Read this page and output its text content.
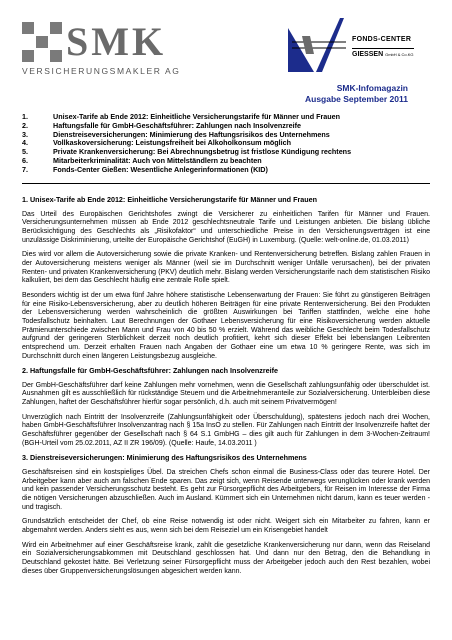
SMK
VERSICHERUNGSMAKLER AG
FONDS-CENTER
GIESSEN GmbH & Co.KG
SMK-Infomagazin
Ausgabe September 2011
1.	Unisex-Tarife ab Ende 2012: Einheitliche Versicherungstarife für Männer und Frauen
2.	Haftungsfalle für GmbH-Geschäftsführer: Zahlungen nach Insolvenzreife
3.	Dienstreiseversicherungen: Minimierung des Haftungsrisikos des Unternehmens
4.	Vollkaskoversicherung: Leistungsfreiheit bei Alkoholkonsum möglich
5.	Private Krankenversicherung: Bei Abrechnungsbetrug ist fristlose Kündigung rechtens
6.	Mitarbeiterkriminalität: Auch von Mittelständlern zu beachten
7.	Fonds-Center Gießen: Wesentliche Anlegerinformationen (KID)

1. Unisex-Tarife ab Ende 2012: Einheitliche Versicherungstarife für Männer und Frauen

Das Urteil des Europäischen Gerichtshofes zwingt die Versicherer zu einheitlichen Tarifen für Männer und Frauen. Versicherungsunternehmen müssen ab Ende 2012 geschlechtsneutrale Tarife und Leistungen anbieten. Die bislang übliche Berücksichtigung des Geschlechts als „Risikofaktor“ und unterschiedliche Preise in den Versicherungsverträgen ist eine unzulässige Diskriminierung, urteilte der Europäische Gerichtshof (EuGH) in Luxemburg. (Quelle: welt-online.de, 01.03.2011)

Dies wird vor allem die Autoversicherung sowie die private Kranken- und Rentenversicherung betreffen. Bislang zahlen Frauen in der Autoversicherung meistens weniger als Männer (weil sie im Durchschnitt weniger Unfälle verursachen), bei der privaten Renten- und privaten Krankenversicherung (PKV) deutlich mehr. Bislang werden Versicherungstarife nach dem statistischen Risiko kalkuliert, bei dem das Geschlecht häufig eine zentrale Rolle spielt.

Besonders wichtig ist der um etwa fünf Jahre höhere statistische Lebenserwartung der Frauen: Sie führt zu günstigeren Beiträgen für eine Risiko-Lebensversicherung, aber zu deutlich höheren Beiträgen für eine private Rentenversicherung. Bei den Produkten der Lebensversicherung werden wahrscheinlich die größten Auswirkungen bei Tariffen stattfinden, welche eine hohe Todesfallschutz beinhalten. Laut Berechnungen der Gothaer Lebensversicherung für eine Risikoversicherung werden aktuelle Prämienunterschiede zwischen Mann und Frau von 40 bis 50 % erzielt. Während das weibliche Geschlecht beim Todesfallschutz aufgrund der geringeren Sterblichkeit derzeit noch deutlich profitiert, kehrt sich dieser Effekt bei lebenslangen Leibrenten entsprechend um. Derzeit erhalten Frauen nach Angaben der Gothaer eine um etwa 10 % geringere Rente, was sich im Durchschnitt durch einen längeren Leistungsbezug ausgleiche.

2. Haftungsfalle für GmbH-Geschäftsführer: Zahlungen nach Insolvenzreife

Der GmbH-Geschäftsführer darf keine Zahlungen mehr vornehmen, wenn die Gesellschaft zahlungsunfähig oder überschuldet ist. Ausnahmen gilt es ausschließlich für rückständige Steuern und die Arbeitnehmeranteile zur Sozialversicherung. Unterbleiben diese Zahlungen, haftet der Geschäftsführer hierfür sogar persönlich, d.h. auch mit seinem Privatvermögen!

Unverzüglich nach Eintritt der Insolvenzreife (Zahlungsunfähigkeit oder Überschuldung), spätestens jedoch nach drei Wochen, haben GmbH-Geschäftsführer Insolvenzantrag nach § 15a InsO zu stellen. Für Zahlungen nach Eintritt der Insolvenzreife haftet der Geschäftsführer gegenüber der Gesellschaft nach § 64 S.1 GmbHG – dies gilt auch für Zahlungen in dem 3-Wochen-Zeitraum! (BGH-Urteil vom 25.02.2011, AZ II ZR 196/09). (Quelle: Haufe, 14.03.2011 )

3. Dienstreiseversicherungen: Minimierung des Haftungsrisikos des Unternehmens

Geschäftsreisen sind ein kostspieliges Übel. Da streichen Chefs schon einmal die Business-Class oder das teurere Hotel. Der Arbeitgeber kann aber auch am falschen Ende sparen. Das zeigt sich, wenn Reisende unterwegs verunglücken oder krank werden und kein passender Versicherungsschutz besteht. Es geht zur Fürsorgepflicht des Arbeitgebers, für Reisen im Interesse der Firma die nötigen Versicherungen abzuschließen. Auch im Ausland. Kümmert sich ein Unternehmen nicht darum, kann es teuer werden - und tragisch.

Grundsätzlich entscheidet der Chef, ob eine Reise notwendig ist oder nicht. Weigert sich ein Mitarbeiter zu fahren, kann er abgemahnt werden. Anders sieht es aus, wenn sich bei dem Reiseziel um ein Krisengebiet handelt

Wird ein Arbeitnehmer auf einer Geschäftsreise krank, zahlt die gesetzliche Krankenversicherung nur dann, wenn das Reiseland ein Sozialversicherungsabkommen mit Deutschland geschlossen hat. Und dann nur den Betrag, den die Behandlung in Deutschland gekostet hätte. Bei Verletzung seiner Fürsorgepflicht muss der Arbeitgeber jedoch auch den Rest bezahlen, wobei dieses über Gruppenversicherungslösungen abgesichert werden kann.
